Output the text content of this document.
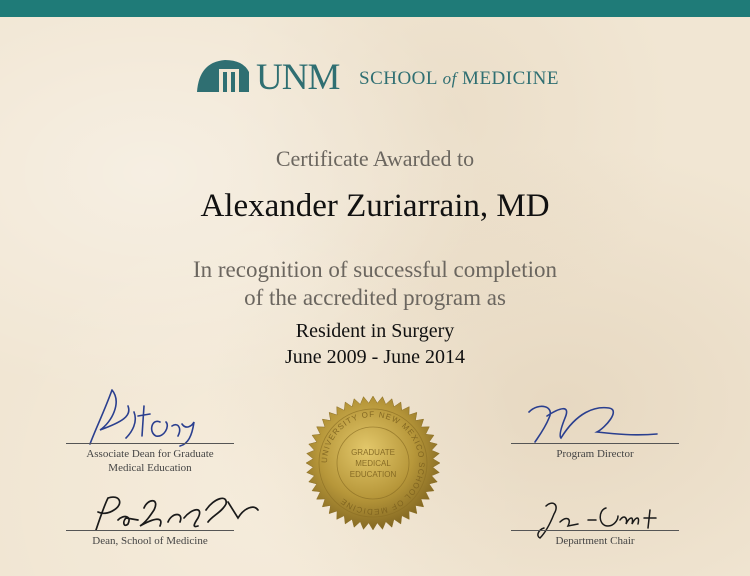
UNM SCHOOL of MEDICINE
Certificate Awarded to
Alexander Zuriarrain, MD
In recognition of successful completion
of the accredited program as
Resident in Surgery
June 2009 - June 2014
Associate Dean for Graduate
Medical Education
Program Director
Dean, School of Medicine	Department Chair
UNIVERSITY OF NEW MEXICO SCHOOL OF MEDICINE
GRADUATE
MEDICAL
EDUCATION
